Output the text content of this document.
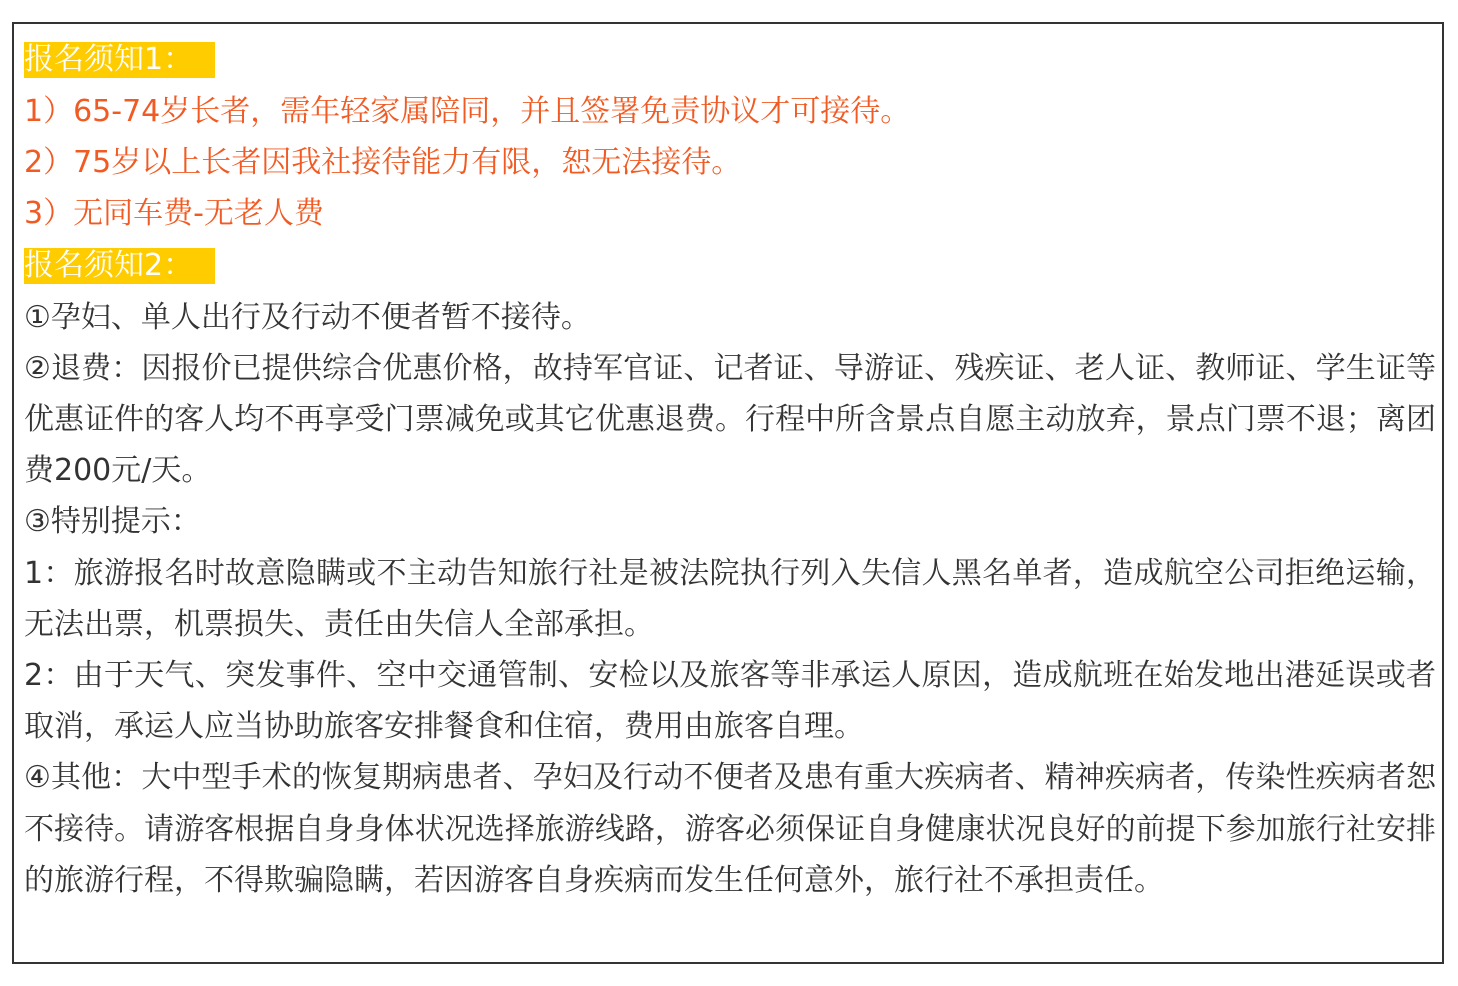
报名须知1：
1）65-74岁长者，需年轻家属陪同，并且签署免责协议才可接待。
2）75岁以上长者因我社接待能力有限，恕无法接待。
3）无同车费-无老人费
报名须知2：
①孕妇、单人出行及行动不便者暂不接待。
②退费：因报价已提供综合优惠价格，故持军官证、记者证、导游证、残疾证、老人证、教师证、学生证等优惠证件的客人均不再享受门票减免或其它优惠退费。行程中所含景点自愿主动放弃，景点门票不退；离团费200元/天。
③特别提示：
1：旅游报名时故意隐瞒或不主动告知旅行社是被法院执行列入失信人黑名单者，造成航空公司拒绝运输，无法出票，机票损失、责任由失信人全部承担。
2：由于天气、突发事件、空中交通管制、安检以及旅客等非承运人原因，造成航班在始发地出港延误或者取消，承运人应当协助旅客安排餐食和住宿，费用由旅客自理。
④其他：大中型手术的恢复期病患者、孕妇及行动不便者及患有重大疾病者、精神疾病者，传染性疾病者恕不接待。请游客根据自身身体状况选择旅游线路，游客必须保证自身健康状况良好的前提下参加旅行社安排的旅游行程，不得欺骗隐瞒，若因游客自身疾病而发生任何意外，旅行社不承担责任。
